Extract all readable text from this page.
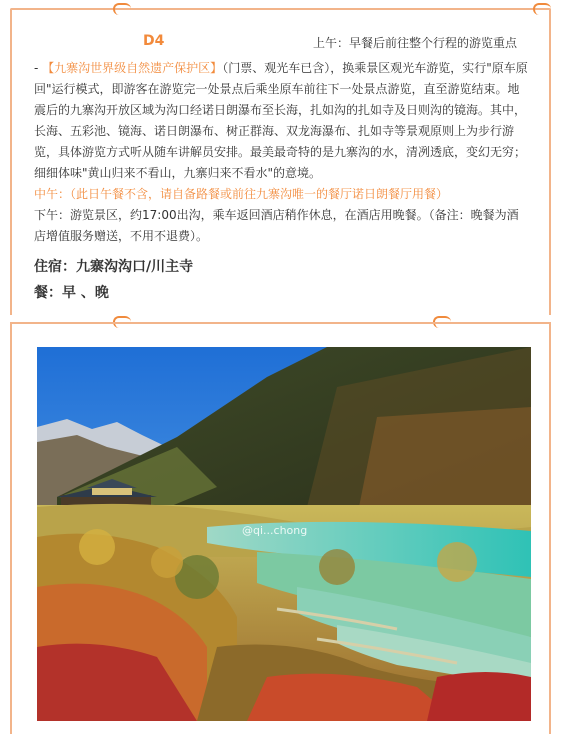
D4	上午：早餐后前往整个行程的游览重点

- 【九寨沟世界级自然遗产保护区】（门票、观光车已含），换乘景区观光车游览，实行"原车原回"运行模式，即游客在游览完一处景点后乘坐原车前往下一处景点游览，直至游览结束。地震后的九寨沟开放区域为沟口经诺日朗瀑布至长海，扎如沟的扎如寺及日则沟的镜海。其中，长海、五彩池、镜海、诺日朗瀑布、树正群海、双龙海瀑布、扎如寺等景观原则上为步行游览，具体游览方式听从随车讲解员安排。最美最奇特的是九寨沟的水，清冽透底，变幻无穷；细细体味"黄山归来不看山，九寨归来不看水"的意境。

中午：（此日午餐不含，请自备路餐或前往九寨沟唯一的餐厅诺日朗餐厅用餐）

下午：游览景区，约17:00出沟，乘车返回酒店稍作休息，在酒店用晚餐。（备注：晚餐为酒店增值服务赠送，不用不退费）。

住宿：九寨沟沟口/川主寺
餐：早 、晚
@qi...chong
